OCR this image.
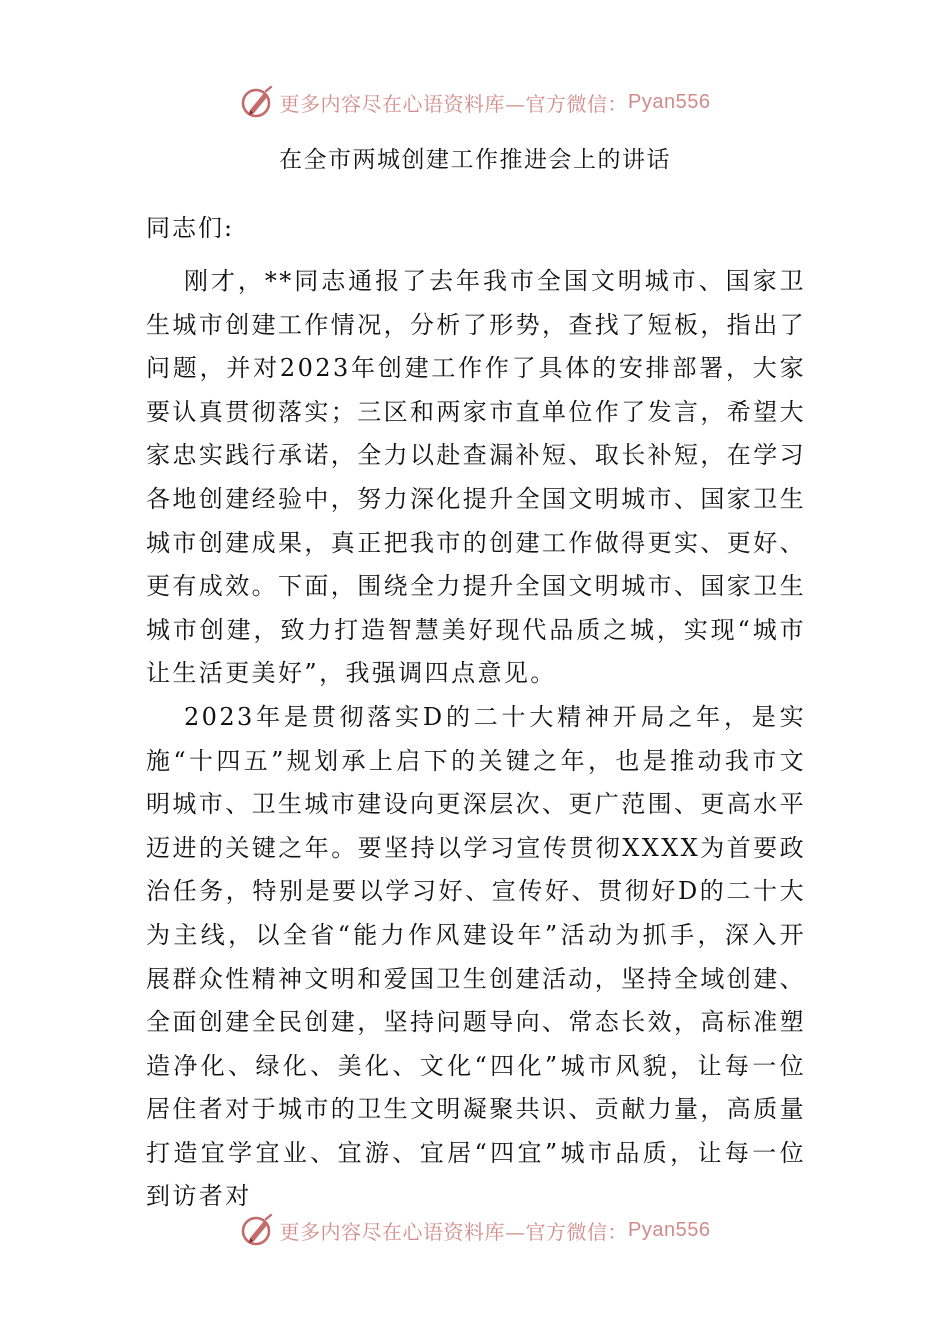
更多内容尽在心语资料库—官方微信： Pyan556
在全市两城创建工作推进会上的讲话
同志们:

刚才，**同志通报了去年我市全国文明城市、国家卫生城市创建工作情况，分析了形势，查找了短板，指出了问题，并对2023年创建工作作了具体的安排部署，大家要认真贯彻落实；三区和两家市直单位作了发言，希望大家忠实践行承诺，全力以赴查漏补短、取长补短，在学习各地创建经验中，努力深化提升全国文明城市、国家卫生城市创建成果，真正把我市的创建工作做得更实、更好、更有成效。下面，围绕全力提升全国文明城市、国家卫生城市创建，致力打造智慧美好现代品质之城，实现“城市让生活更美好”，我强调四点意见。

2023年是贯彻落实D的二十大精神开局之年，是实施“十四五”规划承上启下的关键之年，也是推动我市文明城市、卫生城市建设向更深层次、更广范围、更高水平迈进的关键之年。要坚持以学习宣传贯彻XXXX为首要政治任务，特别是要以学习好、宣传好、贯彻好D的二十大为主线，以全省“能力作风建设年”活动为抓手，深入开展群众性精神文明和爱国卫生创建活动，坚持全域创建、全面创建全民创建，坚持问题导向、常态长效，高标准塑造净化、绿化、美化、文化“四化”城市风貌，让每一位居住者对于城市的卫生文明凝聚共识、贡献力量，高质量打造宜学宜业、宜游、宜居“四宜”城市品质，让每一位到访者对

更多内容尽在心语资料库—官方微信： Pyan556
